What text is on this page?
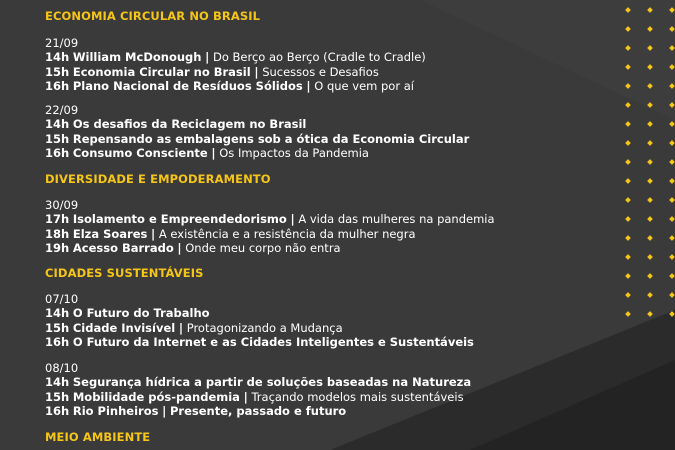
ECONOMIA CIRCULAR NO BRASIL
21/09
14h William McDonough | Do Berço ao Berço (Cradle to Cradle)
15h Economia Circular no Brasil | Sucessos e Desafios
16h Plano Nacional de Resíduos Sólidos | O que vem por aí
22/09
14h Os desafios da Reciclagem no Brasil
15h Repensando as embalagens sob a ótica da Economia Circular
16h Consumo Consciente | Os Impactos da Pandemia
DIVERSIDADE E EMPODERAMENTO
30/09
17h Isolamento e Empreendedorismo | A vida das mulheres na pandemia
18h Elza Soares | A existência e a resistência da mulher negra
19h Acesso Barrado | Onde meu corpo não entra
CIDADES SUSTENTÁVEIS
07/10
14h O Futuro do Trabalho
15h Cidade Invisível | Protagonizando a Mudança
16h O Futuro da Internet e as Cidades Inteligentes e Sustentáveis
08/10
14h Segurança hídrica a partir de soluções baseadas na Natureza
15h Mobilidade pós-pandemia | Traçando modelos mais sustentáveis
16h Rio Pinheiros | Presente, passado e futuro
MEIO AMBIENTE
